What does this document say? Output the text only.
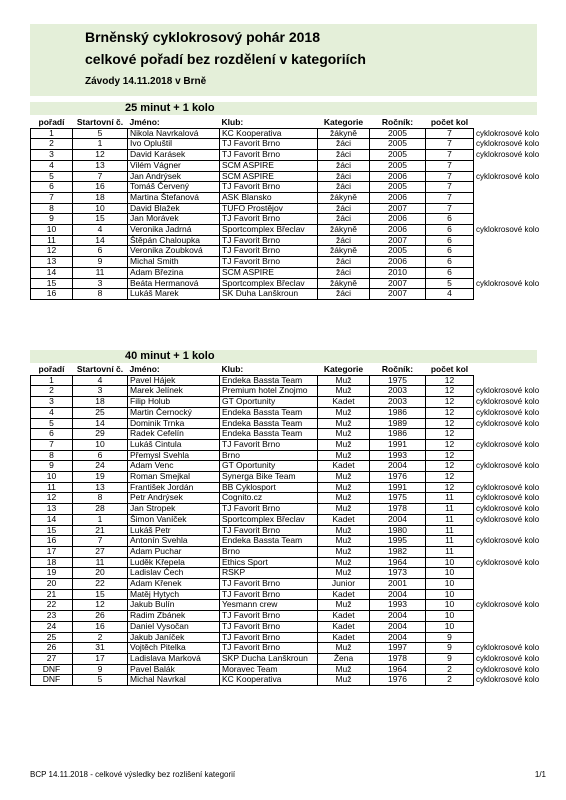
Brněnský cyklokrosový pohár 2018
celkové pořadí bez rozdělení v kategoriích
Závody 14.11.2018 v Brně
25 minut + 1 kolo
pořadí	Startovní č.	Jméno:	Klub:	Kategorie	Ročník:	počet kol	
1	5	Nikola Navrkalová	KC Kooperativa	žákyně	2005	7	cyklokrosové kolo
2	1	Ivo Opluštil	TJ Favorit Brno	žáci	2005	7	cyklokrosové kolo
3	12	David Karásek	TJ Favorit Brno	žáci	2005	7	cyklokrosové kolo
4	13	Vilém Vágner	SCM ASPIRE	žáci	2005	7	
5	7	Jan Andrýsek	SCM ASPIRE	žáci	2006	7	cyklokrosové kolo
6	16	Tomáš Červený	TJ Favorit Brno	žáci	2005	7	
7	18	Martina Štefanová	ASK Blansko	žákyně	2006	7	
8	10	David Blažek	TUFO Prostějov	žáci	2007	7	
9	15	Jan Morávek	TJ Favorit Brno	žáci	2006	6	
10	4	Veronika Jadrná	Sportcomplex Břeclav	žákyně	2006	6	cyklokrosové kolo
11	14	Štěpán Chaloupka	TJ Favorit Brno	žáci	2007	6	
12	6	Veronika Zoubková	TJ Favorit Brno	žákyně	2005	6	
13	9	Michal Smith	TJ Favorit Brno	žáci	2006	6	
14	11	Adam Březina	SCM ASPIRE	žáci	2010	6	
15	3	Beáta Hermanová	Sportcomplex Břeclav	žákyně	2007	5	cyklokrosové kolo
16	8	Lukáš Marek	SK Duha Lanškroun	žáci	2007	4	
40 minut + 1 kolo
pořadí	Startovní č.	Jméno:	Klub:	Kategorie	Ročník:	počet kol	
1	4	Pavel Hájek	Endeka Bassta Team	Muž	1975	12	
2	3	Marek Jelínek	Premium hotel Znojmo	Muž	2003	12	cyklokrosové kolo
3	18	Filip Holub	GT Oportunity	Kadet	2003	12	cyklokrosové kolo
4	25	Martin Černocký	Endeka Bassta Team	Muž	1986	12	cyklokrosové kolo
5	14	Dominik Trnka	Endeka Bassta Team	Muž	1989	12	cyklokrosové kolo
6	29	Radek Cefelín	Endeka Bassta Team	Muž	1986	12	
7	10	Lukáš Cintula	TJ Favorit Brno	Muž	1991	12	cyklokrosové kolo
8	6	Přemysl Svehla	Brno	Muž	1993	12	
9	24	Adam Venc	GT Oportunity	Kadet	2004	12	cyklokrosové kolo
10	19	Roman Smejkal	Synerga Bike Team	Muž	1976	12	
11	13	František Jordán	BB Cyklosport	Muž	1991	12	cyklokrosové kolo
12	8	Petr Andrýsek	Cognito.cz	Muž	1975	11	cyklokrosové kolo
13	28	Jan Stropek	TJ Favorit Brno	Muž	1978	11	cyklokrosové kolo
14	1	Šimon Vaníček	Sportcomplex Břeclav	Kadet	2004	11	cyklokrosové kolo
15	21	Lukáš Petr	TJ Favorit Brno	Muž	1980	11	
16	7	Antonín Svehla	Endeka Bassta Team	Muž	1995	11	cyklokrosové kolo
17	27	Adam Puchar	Brno	Muž	1982	11	
18	11	Luděk Křepela	Ethics Sport	Muž	1964	10	cyklokrosové kolo
19	20	Ladislav Čech	RSKP	Muž	1973	10	
20	22	Adam Křenek	TJ Favorit Brno	Junior	2001	10	
21	15	Matěj Hytych	TJ Favorit Brno	Kadet	2004	10	
22	12	Jakub Bulín	Yesmann crew	Muž	1993	10	cyklokrosové kolo
23	26	Radim Zbánek	TJ Favorit Brno	Kadet	2004	10	
24	16	Daniel Vysočan	TJ Favorit Brno	Kadet	2004	10	
25	2	Jakub Janíček	TJ Favorit Brno	Kadet	2004	9	
26	31	Vojtěch Pitelka	TJ Favorit Brno	Muž	1997	9	cyklokrosové kolo
27	17	Ladislava Marková	SKP Ducha Lanškroun	Žena	1978	9	cyklokrosové kolo
DNF	9	Pavel Balák	Moravec Team	Muž	1964	2	cyklokrosové kolo
DNF	5	Michal Navrkal	KC Kooperativa	Muž	1976	2	cyklokrosové kolo
BCP 14.11.2018 - celkové výsledky bez rozlišení kategorií	1/1
